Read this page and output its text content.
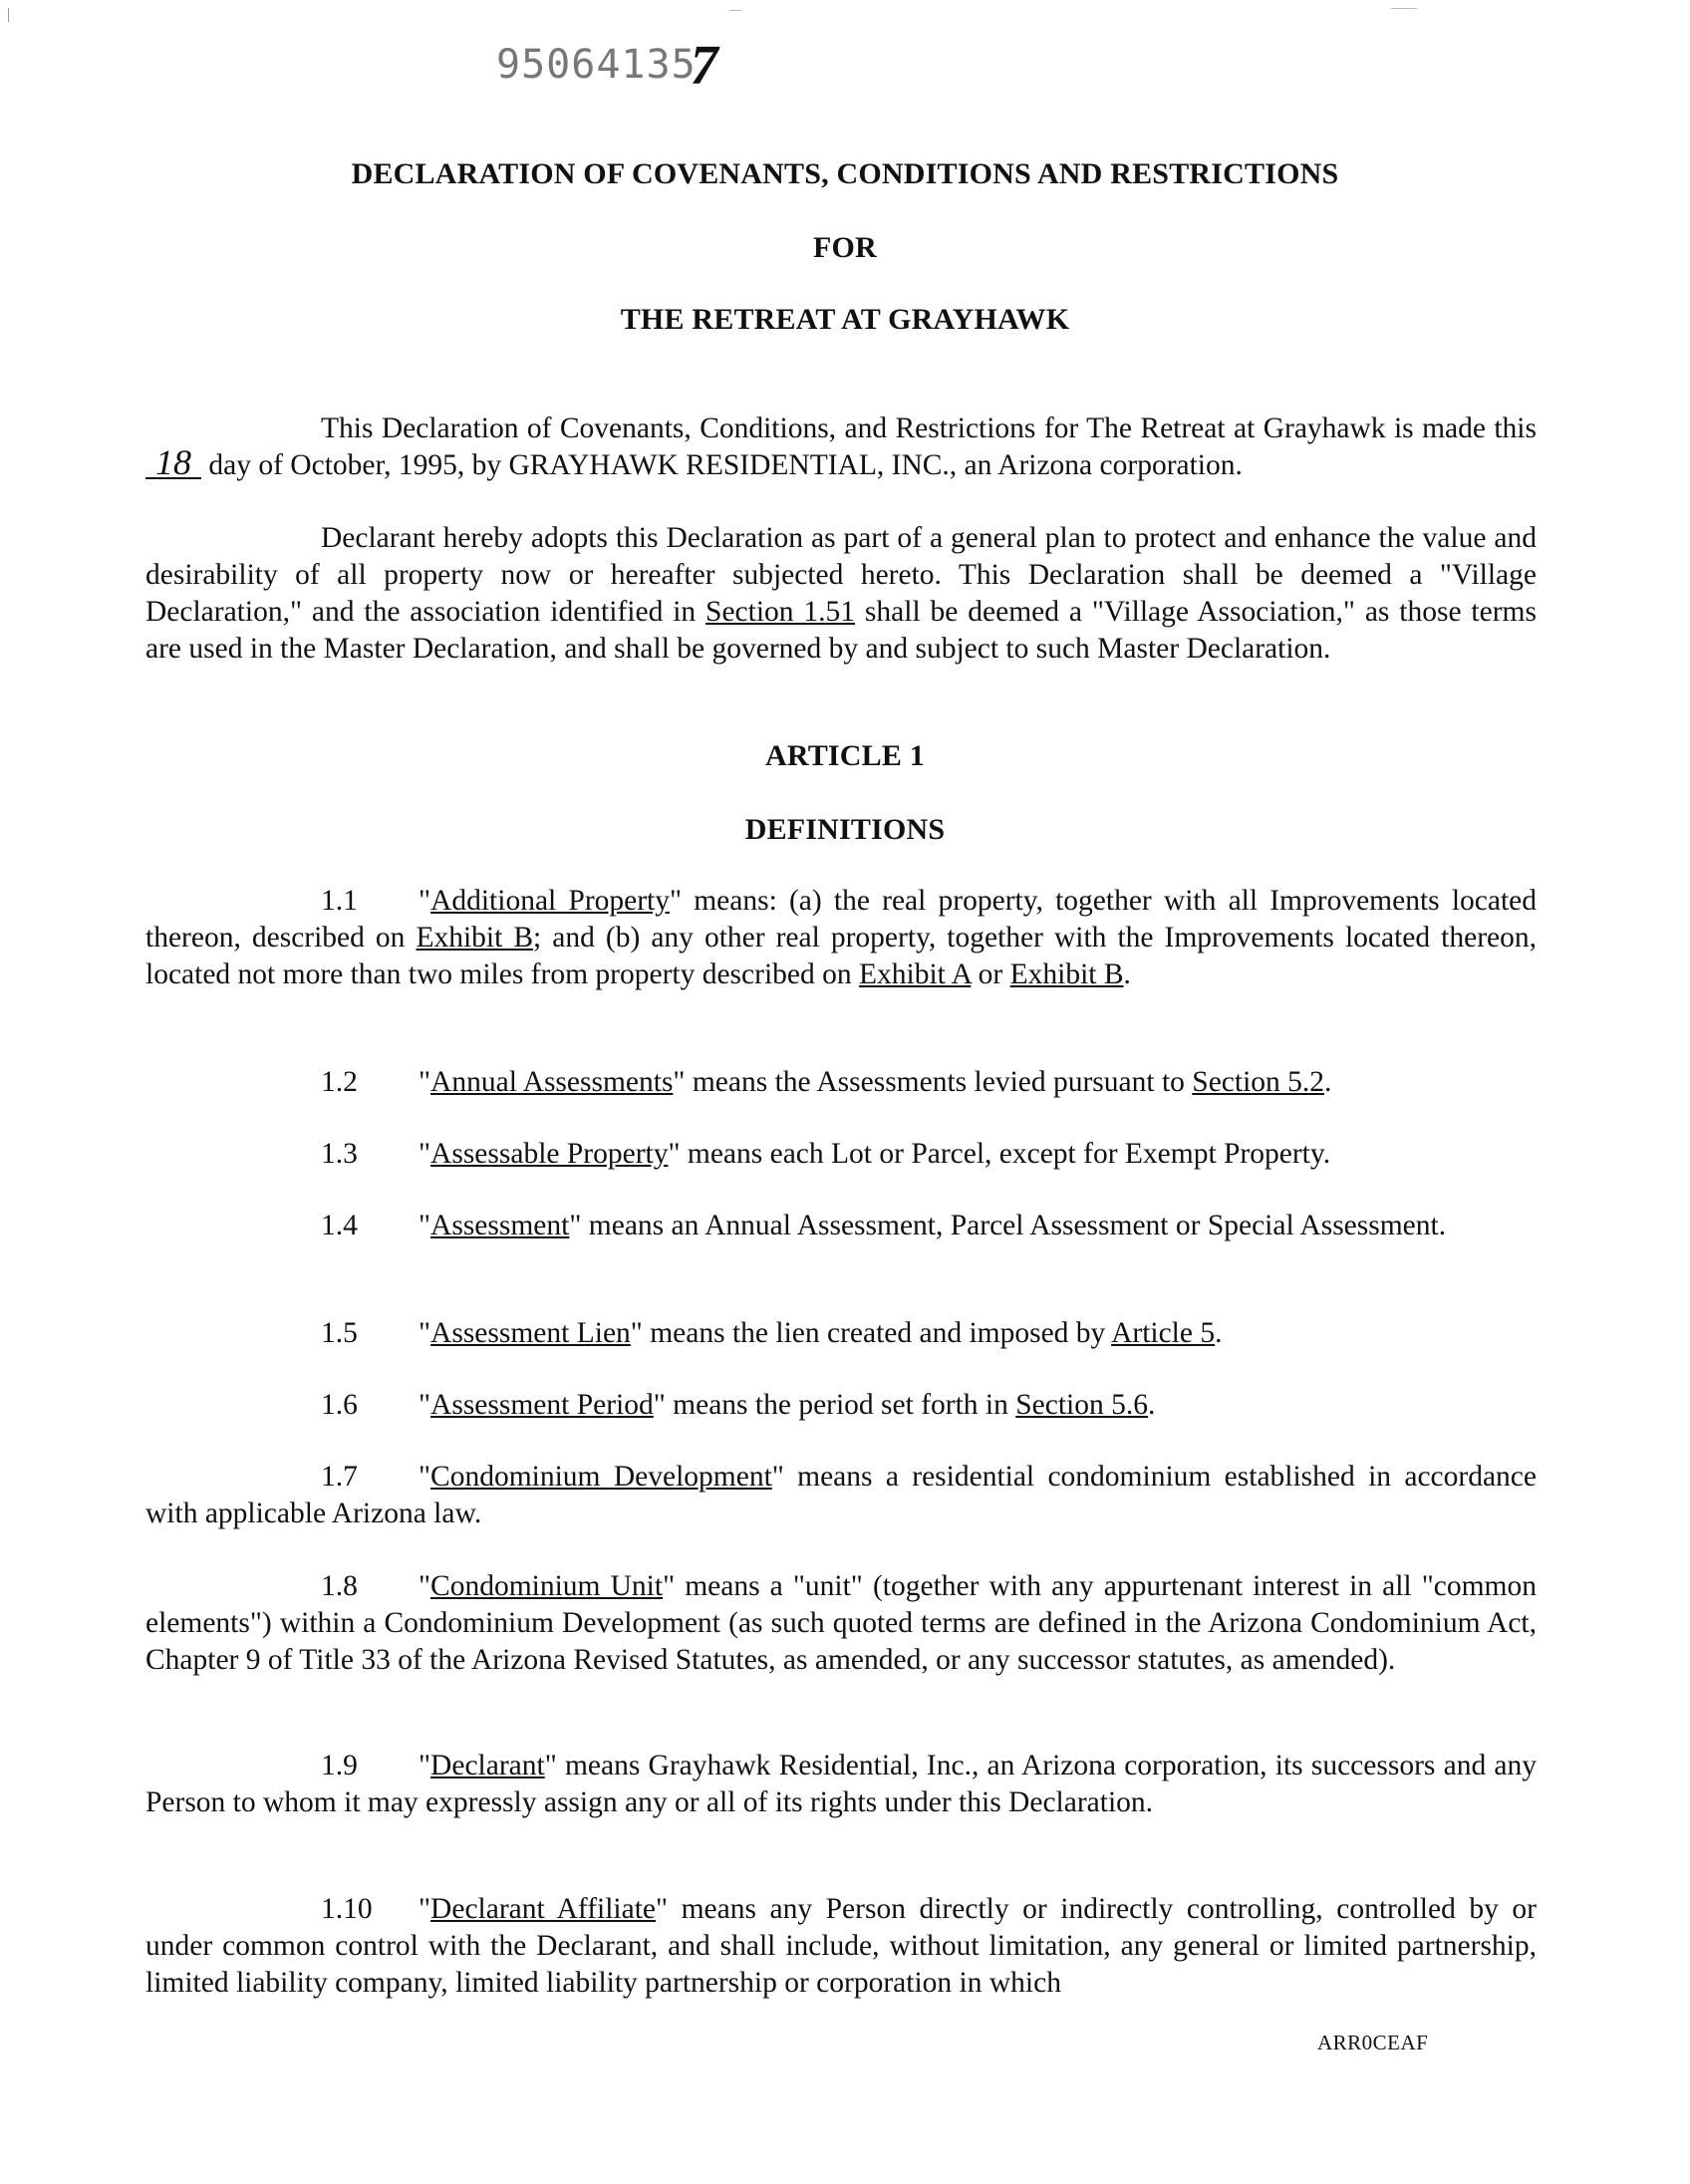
950641357
DECLARATION OF COVENANTS, CONDITIONS AND RESTRICTIONS
FOR
THE RETREAT AT GRAYHAWK

This Declaration of Covenants, Conditions, and Restrictions for The Retreat at Grayhawk is made this 18 day of October, 1995, by GRAYHAWK RESIDENTIAL, INC., an Arizona corporation.

Declarant hereby adopts this Declaration as part of a general plan to protect and enhance the value and desirability of all property now or hereafter subjected hereto. This Declaration shall be deemed a "Village Declaration," and the association identified in Section 1.51 shall be deemed a "Village Association," as those terms are used in the Master Declaration, and shall be governed by and subject to such Master Declaration.

ARTICLE 1
DEFINITIONS

1.1 "Additional Property" means: (a) the real property, together with all Improvements located thereon, described on Exhibit B; and (b) any other real property, together with the Improvements located thereon, located not more than two miles from property described on Exhibit A or Exhibit B.

1.2 "Annual Assessments" means the Assessments levied pursuant to Section 5.2.

1.3 "Assessable Property" means each Lot or Parcel, except for Exempt Property.

1.4 "Assessment" means an Annual Assessment, Parcel Assessment or Special Assessment.

1.5 "Assessment Lien" means the lien created and imposed by Article 5.

1.6 "Assessment Period" means the period set forth in Section 5.6.

1.7 "Condominium Development" means a residential condominium established in accordance with applicable Arizona law.

1.8 "Condominium Unit" means a "unit" (together with any appurtenant interest in all "common elements") within a Condominium Development (as such quoted terms are defined in the Arizona Condominium Act, Chapter 9 of Title 33 of the Arizona Revised Statutes, as amended, or any successor statutes, as amended).

1.9 "Declarant" means Grayhawk Residential, Inc., an Arizona corporation, its successors and any Person to whom it may expressly assign any or all of its rights under this Declaration.

1.10 "Declarant Affiliate" means any Person directly or indirectly controlling, controlled by or under common control with the Declarant, and shall include, without limitation, any general or limited partnership, limited liability company, limited liability partnership or corporation in which

ARR0CEAF
